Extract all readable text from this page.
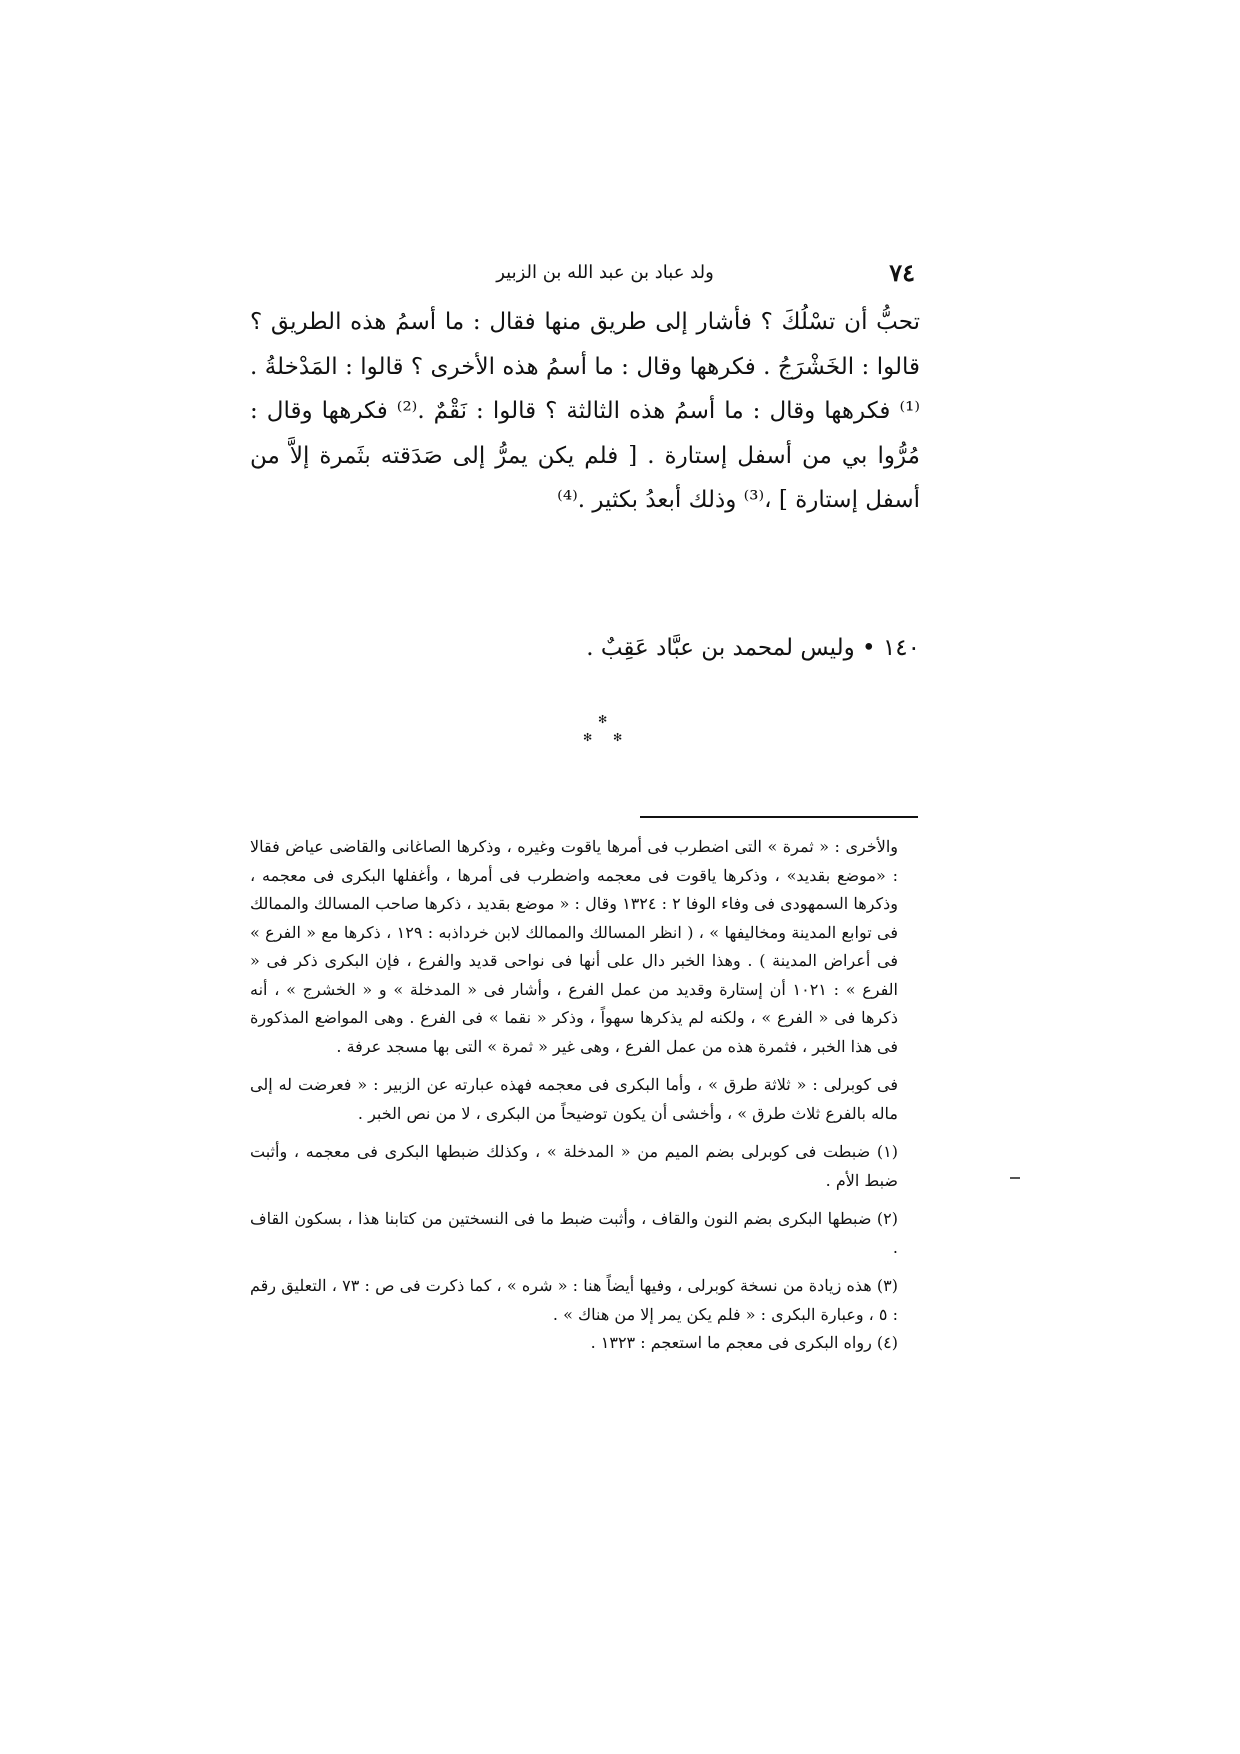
٧٤
ولد عباد بن عبد الله بن الزبير

تحبُّ أن تسْلُكَ ؟ فأشار إلى طريق منها فقال : ما أسمُ هذه الطريق ؟ قالوا : الخَشْرَجُ . فكرهها وقال : ما أسمُ هذه الأخرى ؟ قالوا : المَدْخلةُ .⁽¹⁾ فكرهها وقال : ما أسمُ هذه الثالثة ؟ قالوا : نَقْمٌ .⁽²⁾ فكرهها وقال : مُرُّوا بي من أسفل إستارة . [ فلم يكن يمرُّ إلى صَدَقته بثَمرة إلاَّ من أسفل إستارة ] ،⁽³⁾ وذلك أبعدُ بكثير .⁽⁴⁾

١٤٠ • وليس لمحمد بن عبَّاد عَقِبٌ .

✻
✻ ✻

والأخرى : « ثمرة » التى اضطرب فى أمرها ياقوت وغيره ، وذكرها الصاغانى والقاضى عياض فقالا : «موضع بقديد» ، وذكرها ياقوت فى معجمه واضطرب فى أمرها ، وأغفلها البكرى فى معجمه ، وذكرها السمهودى فى وفاء الوفا ٢ : ١٣٢٤ وقال : « موضع بقديد ، ذكرها صاحب المسالك والممالك فى توابع المدينة ومخاليفها » ، ( انظر المسالك والممالك لابن خرداذبه : ١٢٩ ، ذكرها مع « الفرع » فى أعراض المدينة ) . وهذا الخبر دال على أنها فى نواحى قديد والفرع ، فإن البكرى ذكر فى « الفرع » : ١٠٢١ أن إستارة وقديد من عمل الفرع ، وأشار فى « المدخلة » و « الخشرج » ، أنه ذكرها فى « الفرع » ، ولكنه لم يذكرها سهواً ، وذكر « نقما » فى الفرع . وهى المواضع المذكورة فى هذا الخبر ، فثمرة هذه من عمل الفرع ، وهى غير « ثمرة » التى بها مسجد عرفة .

فى كوبرلى : « ثلاثة طرق » ، وأما البكرى فى معجمه فهذه عبارته عن الزبير : « فعرضت له إلى ماله بالفرع ثلاث طرق » ، وأخشى أن يكون توضيحاً من البكرى ، لا من نص الخبر .

(١) ضبطت فى كوبرلى بضم الميم من « المدخلة » ، وكذلك ضبطها البكرى فى معجمه ، وأثبت ضبط الأم .

(٢) ضبطها البكرى بضم النون والقاف ، وأثبت ضبط ما فى النسختين من كتابنا هذا ، بسكون القاف .

(٣) هذه زيادة من نسخة كوبرلى ، وفيها أيضاً هنا : « شره » ، كما ذكرت فى ص : ٧٣ ، التعليق رقم : ٥ ، وعبارة البكرى : « فلم يكن يمر إلا من هناك » .

(٤) رواه البكرى فى معجم ما استعجم : ١٣٢٣ .
